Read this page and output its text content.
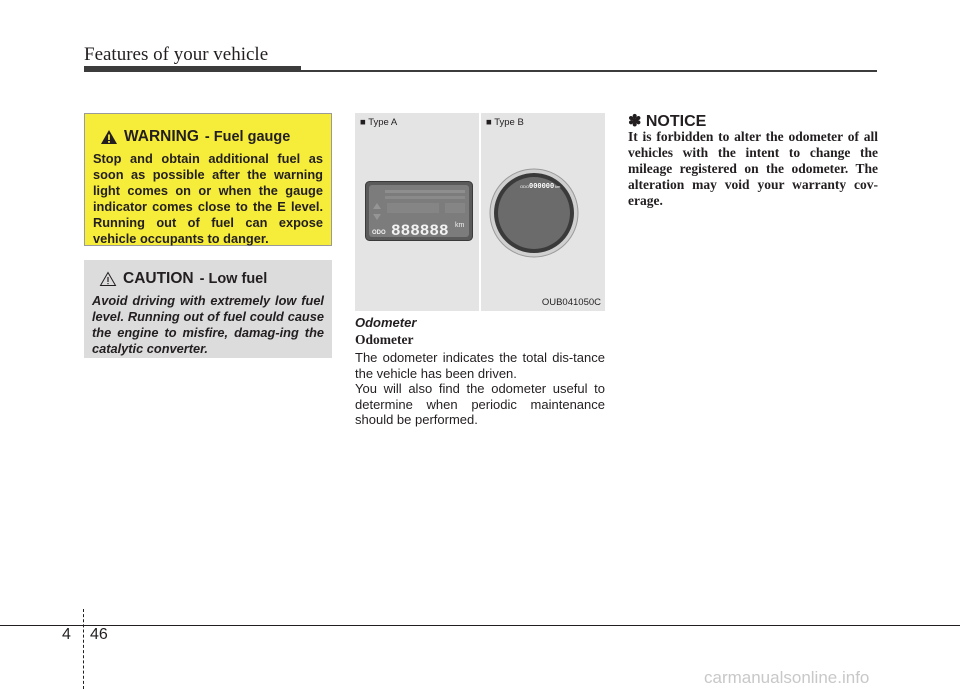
Features of your vehicle
WARNING - Fuel gauge
Stop and obtain additional fuel as soon as possible after the warning light comes on or when the gauge indicator comes close to the E level. Running out of fuel can expose vehicle occupants to danger.
CAUTION - Low fuel
Avoid driving with extremely low fuel level. Running out of fuel could cause the engine to misfire, damag-ing the catalytic converter.
■ Type A	■ Type B
ODO 888888 km
ODO 000000 km
OUB041050C
Odometer
Odometer
The odometer indicates the total dis-tance the vehicle has been driven.
You will also find the odometer useful to determine when periodic maintenance should be performed.
✽ NOTICE
It is forbidden to alter the odometer of all vehicles with the intent to change the mileage registered on the odometer. The alteration may void your warranty cov-erage.
4 46
carmanualsonline.info
